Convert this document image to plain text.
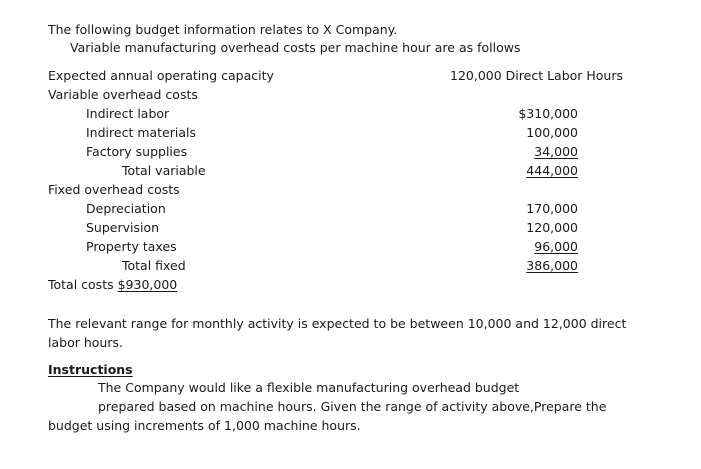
The following budget information relates to X Company.
Variable manufacturing overhead costs per machine hour are as follows
Expected annual operating capacity	120,000 Direct Labor Hours
Variable overhead costs
Indirect labor	$310,000
Indirect materials	100,000
Factory supplies	34,000
Total variable	444,000
Fixed overhead costs
Depreciation	170,000
Supervision	120,000
Property taxes	96,000
Total fixed	386,000
Total costs $930,000
The relevant range for monthly activity is expected to be between 10,000 and 12,000 direct labor hours.
Instructions
The Company would like a flexible manufacturing overhead budget
prepared based on machine hours. Given the range of activity above,Prepare the
budget using increments of 1,000 machine hours.
